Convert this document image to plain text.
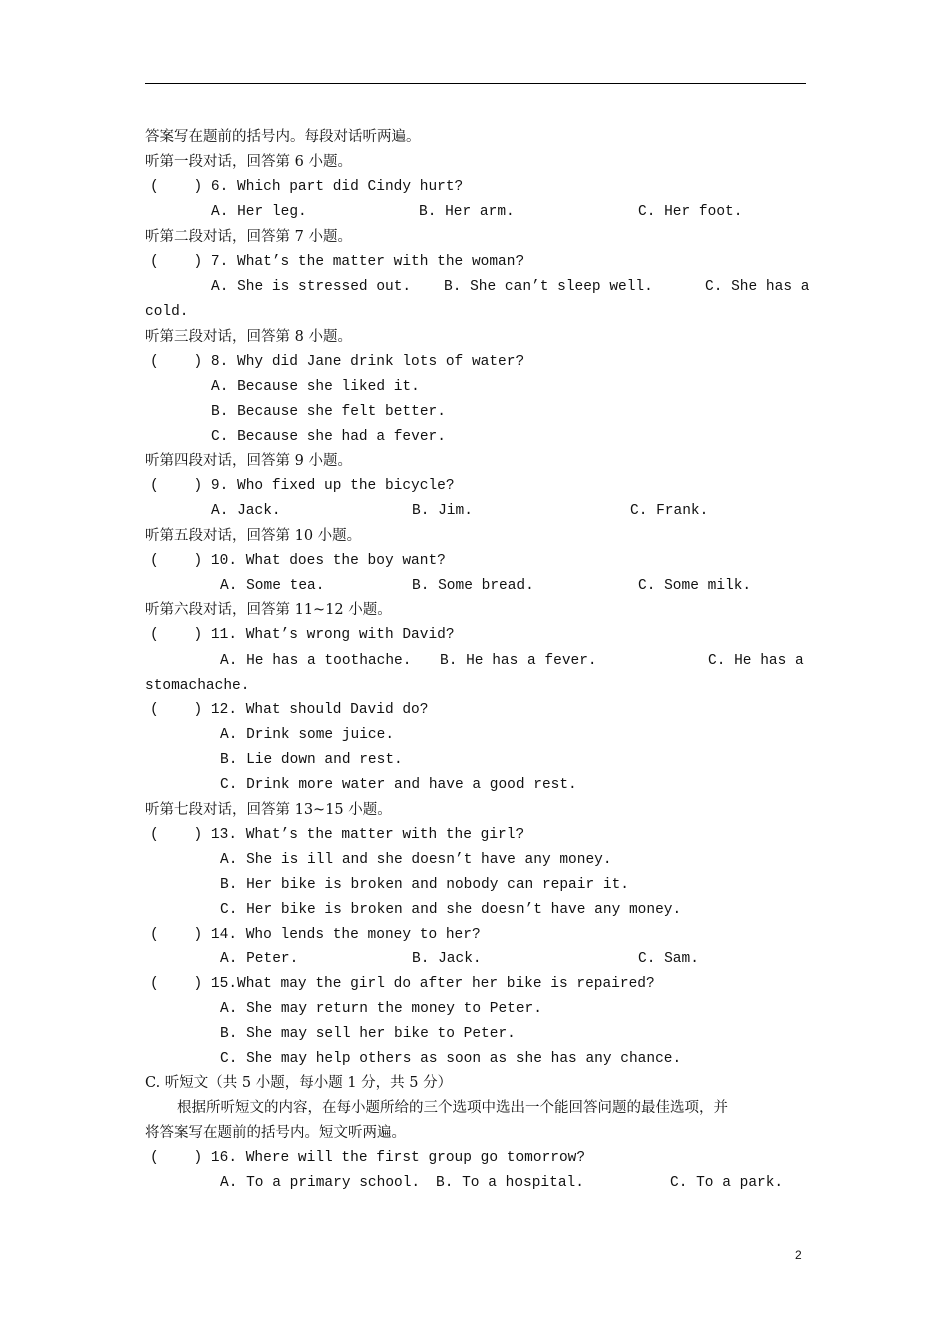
答案写在题前的括号内。每段对话听两遍。
听第一段对话，回答第 6 小题。
(    ) 6. Which part did Cindy hurt?
A. Her leg.	B. Her arm.	C. Her foot.
听第二段对话，回答第 7 小题。
(    ) 7. What’s the matter with the woman?
A. She is stressed out. B. She can’t sleep well.	C. She has a
cold.
听第三段对话，回答第 8 小题。
(    ) 8. Why did Jane drink lots of water?
A. Because she liked it.
B. Because she felt better.
C. Because she had a fever.
听第四段对话，回答第 9 小题。
(    ) 9. Who fixed up the bicycle?
A. Jack.	B. Jim.	C. Frank.
听第五段对话，回答第 10 小题。
(    ) 10. What does the boy want?
A. Some tea.	B. Some bread.	C. Some milk.
听第六段对话，回答第 11~12 小题。
(    ) 11. What’s wrong with David?
A. He has a toothache. B. He has a fever.	C. He has a
stomachache.
(    ) 12. What should David do?
A. Drink some juice.
B. Lie down and rest.
C. Drink more water and have a good rest.
听第七段对话，回答第 13~15 小题。
(    ) 13. What’s the matter with the girl?
A. She is ill and she doesn’t have any money.
B. Her bike is broken and nobody can repair it.
C. Her bike is broken and she doesn’t have any money.
(    ) 14. Who lends the money to her?
A. Peter.	B. Jack.	C. Sam.
(    ) 15.What may the girl do after her bike is repaired?
A. She may return the money to Peter.
B. She may sell her bike to Peter.
C. She may help others as soon as she has any chance.
C. 听短文（共 5 小题，每小题 1 分，共 5 分）
根据所听短文的内容，在每小题所给的三个选项中选出一个能回答问题的最佳选项，并
将答案写在题前的括号内。短文听两遍。
(    ) 16. Where will the first group go tomorrow?
A. To a primary school. B. To a hospital.	C. To a park.
2
